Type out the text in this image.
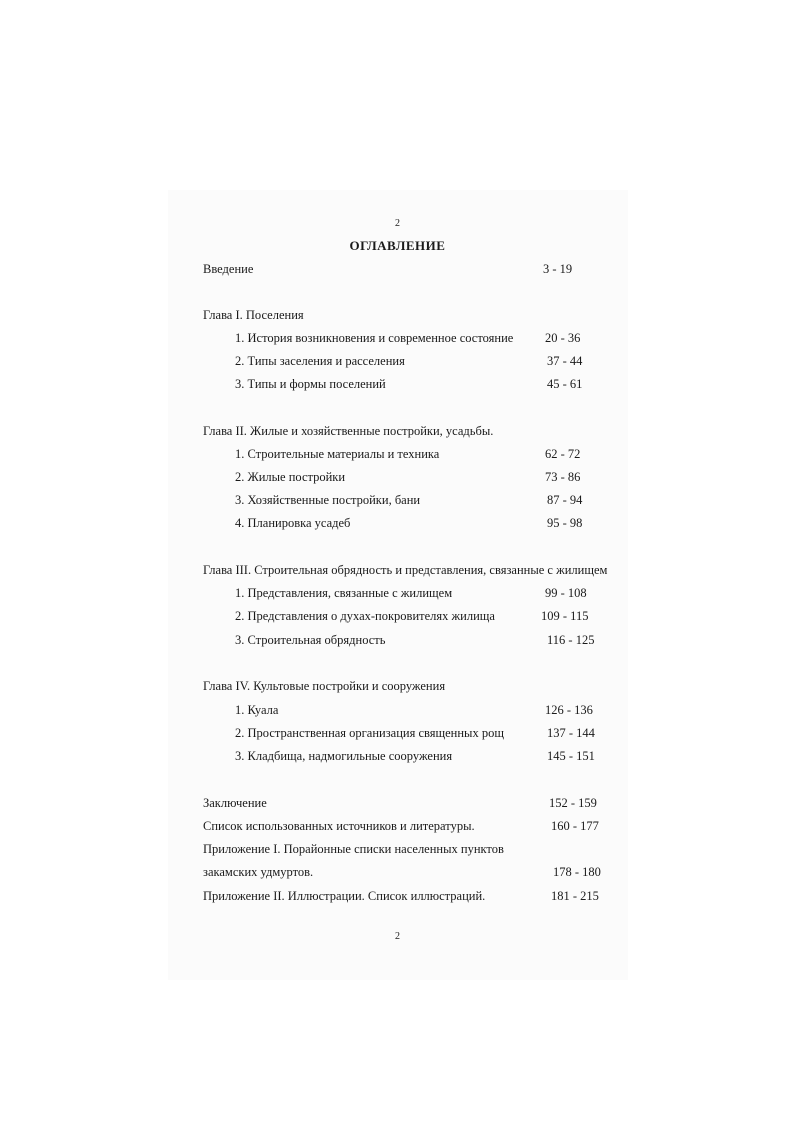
2
ОГЛАВЛЕНИЕ
Введение	3 - 19
Глава I. Поселения
1. История возникновения и современное состояние	20 - 36
2. Типы заселения и расселения	37 - 44
3. Типы и формы поселений	45 - 61
Глава II. Жилые и хозяйственные постройки, усадьбы.
1. Строительные материалы и техника	62 - 72
2. Жилые постройки	73 - 86
3. Хозяйственные постройки, бани	87 - 94
4. Планировка усадеб	95 - 98
Глава III. Строительная обрядность и представления, связанные с жилищем
1. Представления, связанные с жилищем	99 - 108
2. Представления о духах-покровителях жилища	109 - 115
3. Строительная обрядность	116 - 125
Глава IV. Культовые постройки и сооружения
1. Куала	126 - 136
2. Пространственная организация священных рощ	137 - 144
3. Кладбища, надмогильные сооружения	145 - 151
Заключение	152 - 159
Список использованных источников и литературы.	160 - 177
Приложение I. Порайонные списки населенных пунктов
закамских удмуртов.	178 - 180
Приложение II. Иллюстрации. Список иллюстраций.	181 - 215
2
